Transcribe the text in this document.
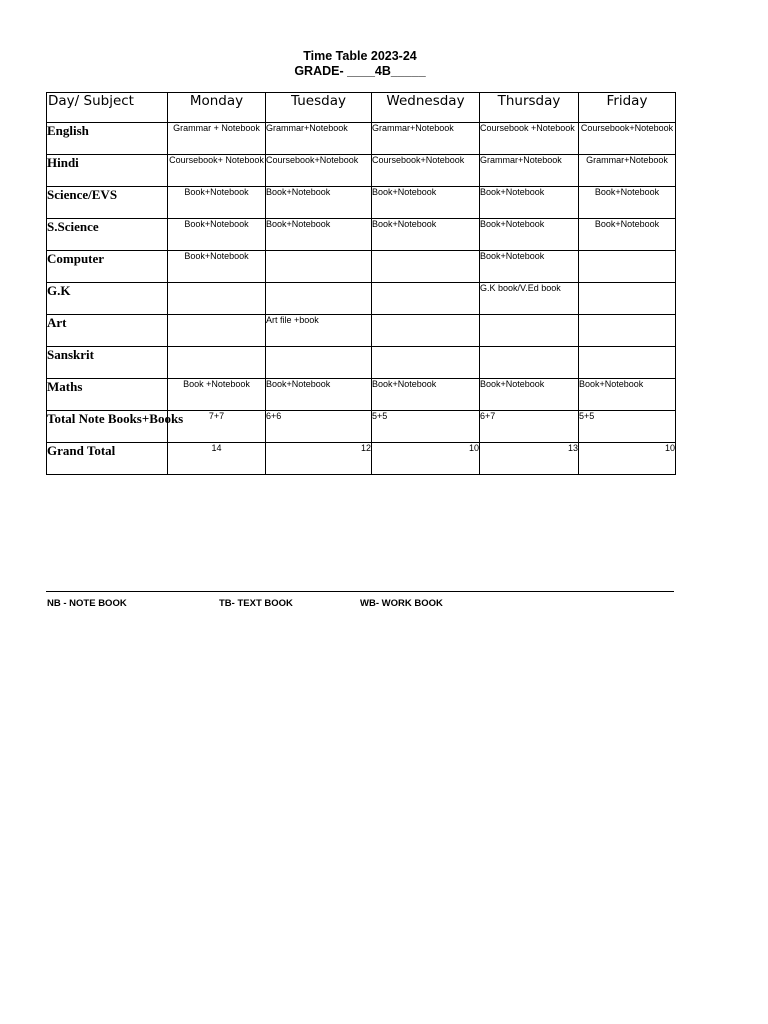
Time Table 2023-24
GRADE- ____4B_____
Day/ Subject	Monday	Tuesday	Wednesday	Thursday	Friday
English	Grammar + Notebook	Grammar+Notebook	Grammar+Notebook	Coursebook +Notebook	Coursebook+Notebook
Hindi	Coursebook+ Notebook	Coursebook+Notebook	Coursebook+Notebook	Grammar+Notebook	Grammar+Notebook
Science/EVS	Book+Notebook	Book+Notebook	Book+Notebook	Book+Notebook	Book+Notebook
S.Science	Book+Notebook	Book+Notebook	Book+Notebook	Book+Notebook	Book+Notebook
Computer	Book+Notebook			Book+Notebook	
G.K				G.K book/V.Ed book	
Art		Art file +book			
Sanskrit					
Maths	Book +Notebook	Book+Notebook	Book+Notebook	Book+Notebook	Book+Notebook
Total Note Books+Books	7+7	6+6	5+5	6+7	5+5
Grand Total	14	12	10	13	10
NB - NOTE BOOK	TB- TEXT BOOK	WB- WORK BOOK
